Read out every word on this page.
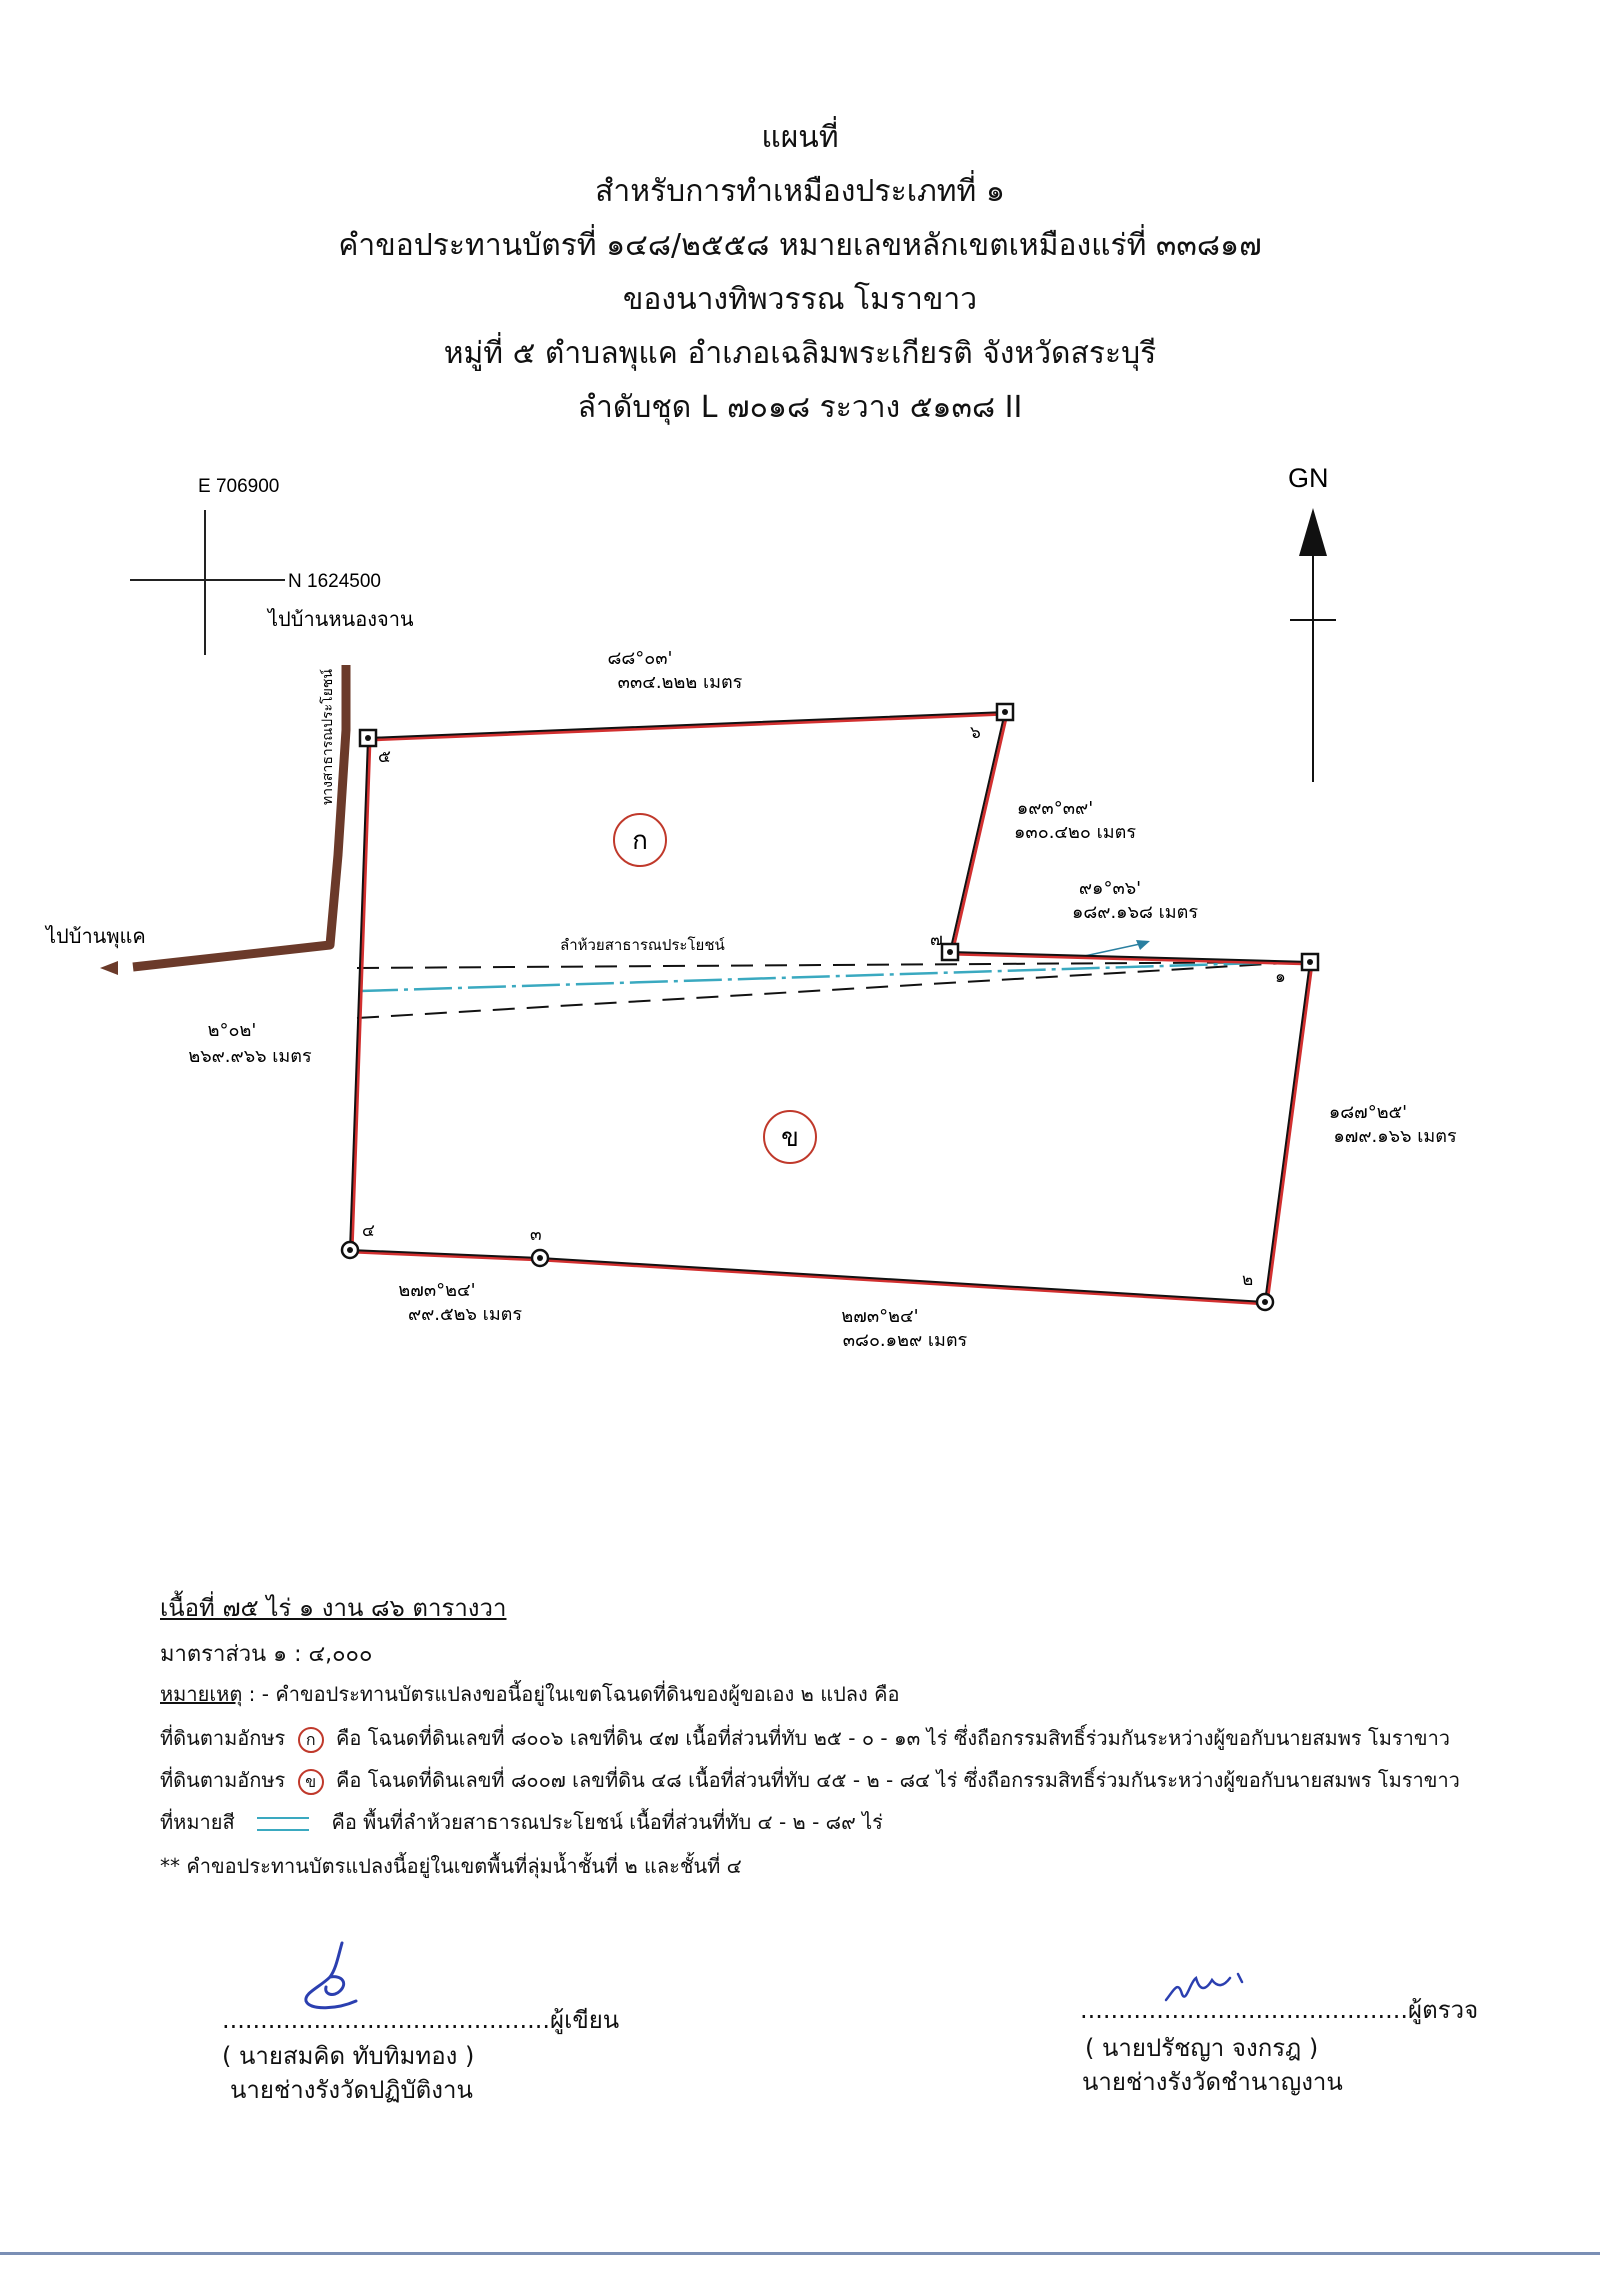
แผนที่
สำหรับการทำเหมืองประเภทที่ ๑
คำขอประทานบัตรที่ ๑๔๘/๒๕๕๘ หมายเลขหลักเขตเหมืองแร่ที่ ๓๓๘๑๗
ของนางทิพวรรณ โมราขาว
หมู่ที่ ๕ ตำบลพุแค อำเภอเฉลิมพระเกียรติ จังหวัดสระบุรี
ลำดับชุด L ๗๐๑๘ ระวาง ๕๑๓๘ II
E 706900
N 1624500
GN
ไปบ้านหนองจาน
ไปบ้านพุแค
ทางสาธารณประโยชน์
ลำห้วยสาธารณประโยชน์
๑
๒
๓
๔
๕
๖
๗
ก
ข
๘๘°๐๓'
๓๓๔.๒๒๒ เมตร
๑๙๓°๓๙'
๑๓๐.๔๒๐ เมตร
๙๑°๓๖'
๑๘๙.๑๖๘ เมตร
๑๘๗°๒๕'
๑๗๙.๑๖๖ เมตร
๒๗๓°๒๔'
๓๘๐.๑๒๙ เมตร
๒๗๓°๒๔'
๙๙.๕๒๖ เมตร
๒°๐๒'
๒๖๙.๙๖๖ เมตร
เนื้อที่ ๗๕ ไร่ ๑ งาน ๘๖ ตารางวา
มาตราส่วน ๑ : ๔,๐๐๐
หมายเหตุ : - คำขอประทานบัตรแปลงขอนี้อยู่ในเขตโฉนดที่ดินของผู้ขอเอง ๒ แปลง คือ
ที่ดินตามอักษร ก คือ โฉนดที่ดินเลขที่ ๘๐๐๖ เลขที่ดิน ๔๗ เนื้อที่ส่วนที่ทับ ๒๕ - ๐ - ๑๓ ไร่ ซึ่งถือกรรมสิทธิ์ร่วมกันระหว่างผู้ขอกับนายสมพร โมราขาว
ที่ดินตามอักษร ข คือ โฉนดที่ดินเลขที่ ๘๐๐๗ เลขที่ดิน ๔๘ เนื้อที่ส่วนที่ทับ ๔๕ - ๒ - ๘๔ ไร่ ซึ่งถือกรรมสิทธิ์ร่วมกันระหว่างผู้ขอกับนายสมพร โมราขาว
ที่หมายสี	คือ พื้นที่ลำห้วยสาธารณประโยชน์ เนื้อที่ส่วนที่ทับ ๔ - ๒ - ๘๙ ไร่
** คำขอประทานบัตรแปลงนี้อยู่ในเขตพื้นที่ลุ่มน้ำชั้นที่ ๒ และชั้นที่ ๔
...........................................ผู้เขียน
( นายสมคิด ทับทิมทอง )
นายช่างรังวัดปฏิบัติงาน
...........................................ผู้ตรวจ
( นายปรัชญา จงกรฎ )
นายช่างรังวัดชำนาญงาน
